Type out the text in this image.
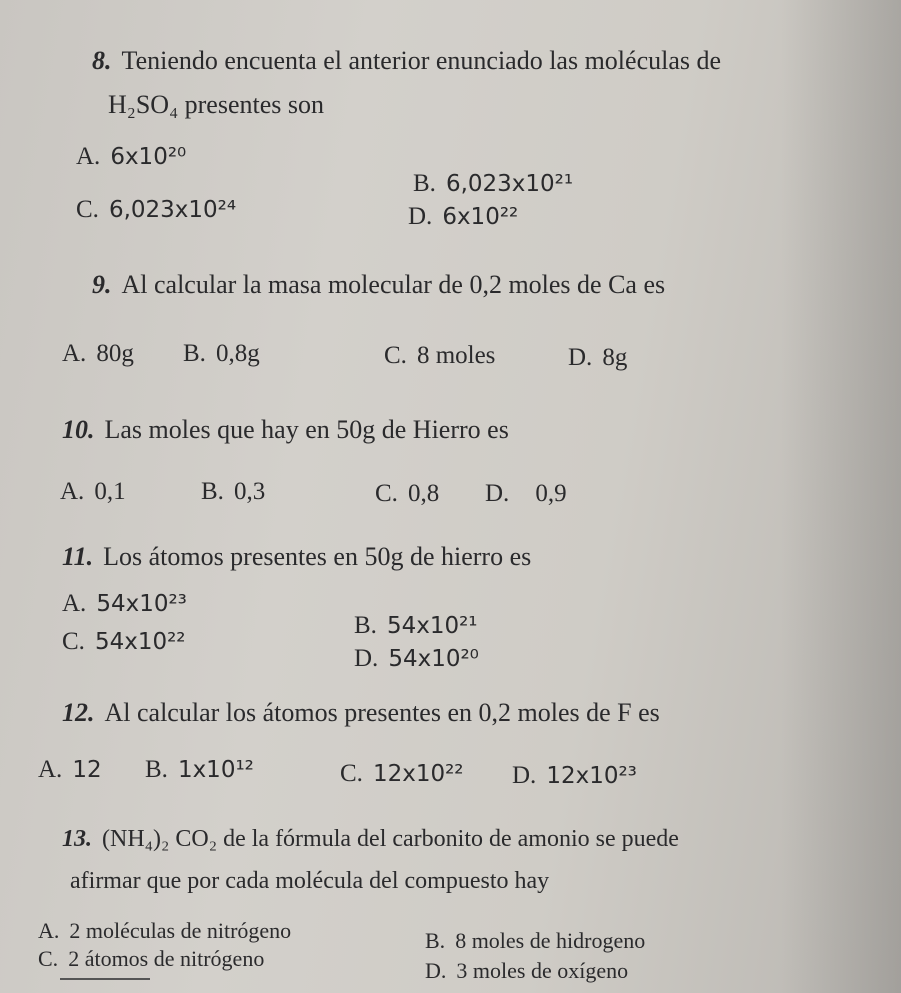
8. Teniendo encuenta el anterior enunciado las moléculas de
H₂SO₄ presentes son
A. 6x10²⁰
B. 6,023x10²¹
C. 6,023x10²⁴	D. 6x10²²
9. Al calcular la masa molecular de 0,2 moles de Ca es
A. 80g B. 0,8g	C. 8 moles	D. 8g
10. Las moles que hay en 50g de Hierro es
A. 0,1	B. 0,3	C. 0,8 D. 0,9
11. Los átomos presentes en 50g de hierro es
A. 54x10²³
B. 54x10²¹
C. 54x10²²
D. 54x10²⁰
12. Al calcular los átomos presentes en 0,2 moles de F es
A. 12 B. 1x10¹²	C. 12x10²² D. 12x10²³
13. (NH₄)₂ CO₂ de la fórmula del carbonito de amonio se puede
afirmar que por cada molécula del compuesto hay
A. 2 moléculas de nitrógeno	B. 8 moles de hidrogeno
C. 2 átomos de nitrógeno	D. 3 moles de oxígeno
